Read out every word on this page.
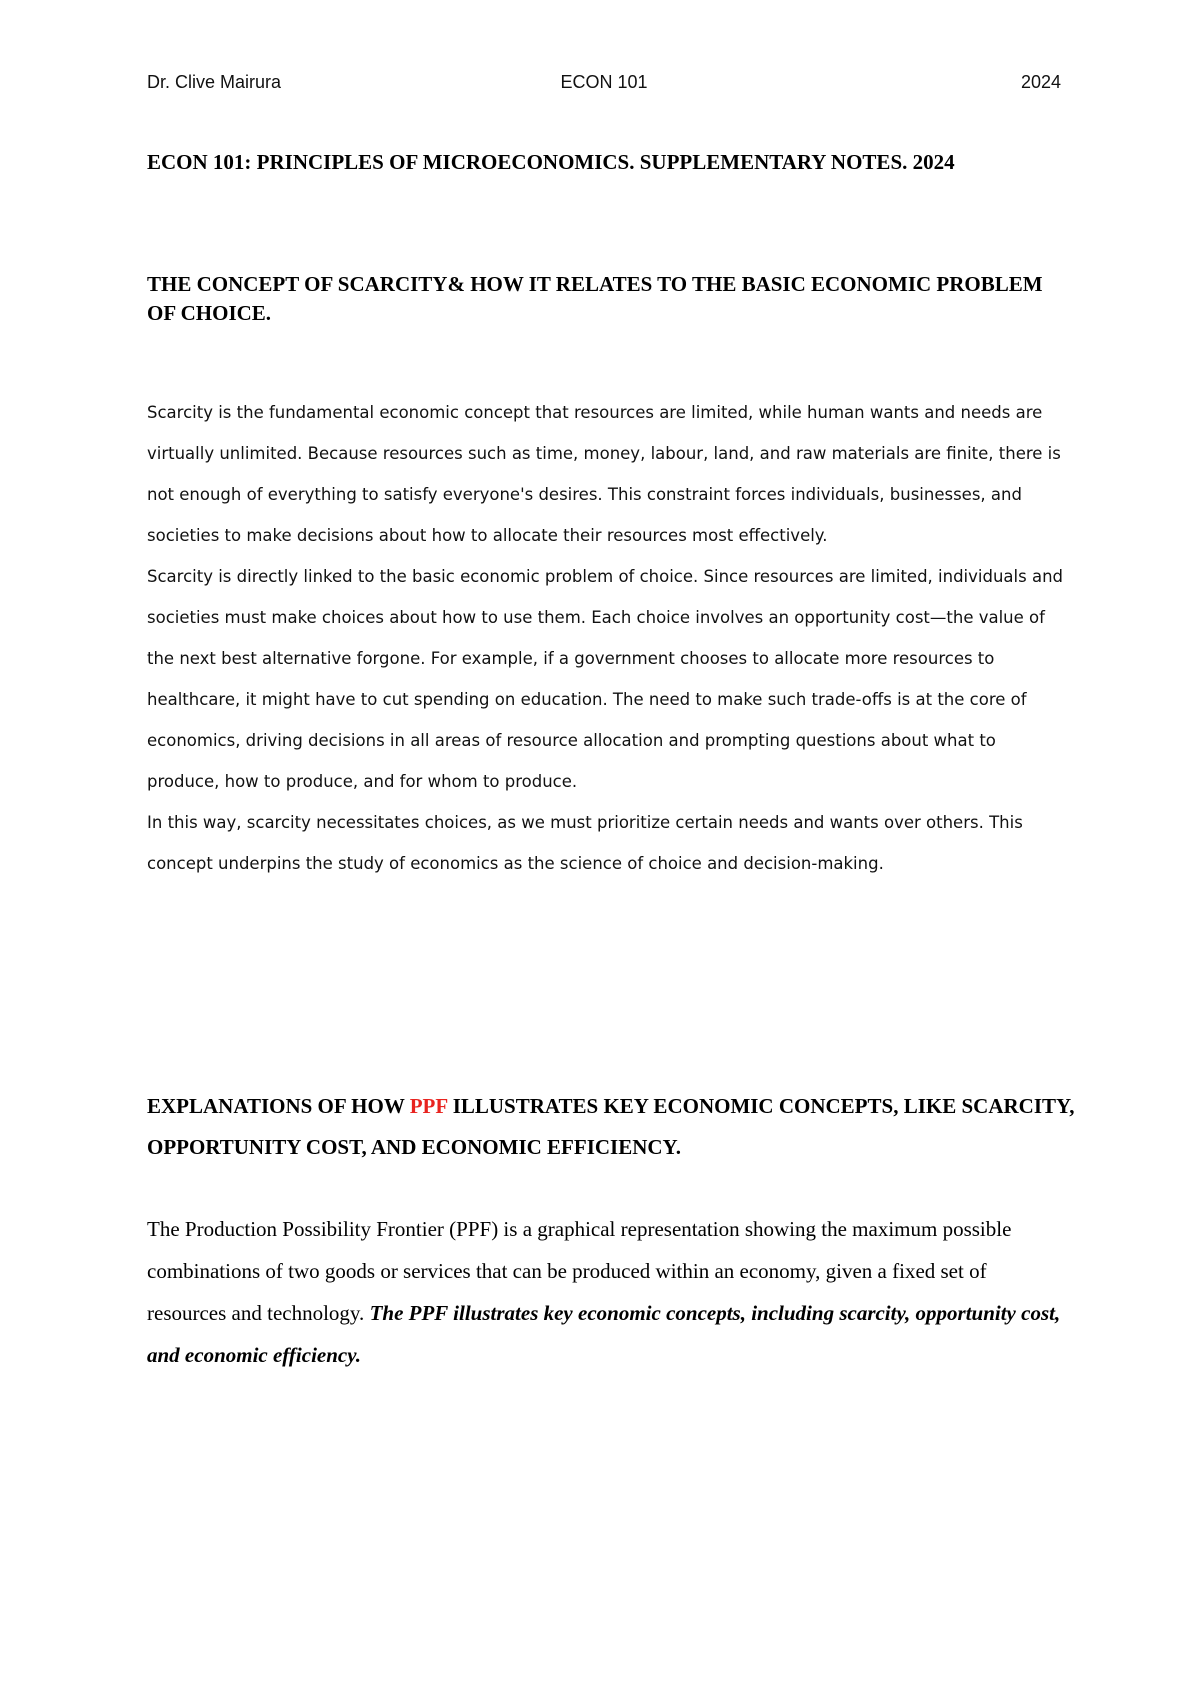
Dr. Clive Mairura	ECON 101	2024
ECON 101: PRINCIPLES OF MICROECONOMICS. SUPPLEMENTARY NOTES. 2024
THE CONCEPT OF SCARCITY& HOW IT RELATES TO THE BASIC ECONOMIC PROBLEM OF CHOICE.

Scarcity is the fundamental economic concept that resources are limited, while human wants and needs are virtually unlimited. Because resources such as time, money, labour, land, and raw materials are finite, there is not enough of everything to satisfy everyone's desires. This constraint forces individuals, businesses, and societies to make decisions about how to allocate their resources most effectively.

Scarcity is directly linked to the basic economic problem of choice. Since resources are limited, individuals and societies must make choices about how to use them. Each choice involves an opportunity cost—the value of the next best alternative forgone. For example, if a government chooses to allocate more resources to healthcare, it might have to cut spending on education. The need to make such trade-offs is at the core of economics, driving decisions in all areas of resource allocation and prompting questions about what to produce, how to produce, and for whom to produce.

In this way, scarcity necessitates choices, as we must prioritize certain needs and wants over others. This concept underpins the study of economics as the science of choice and decision-making.

EXPLANATIONS OF HOW PPF ILLUSTRATES KEY ECONOMIC CONCEPTS, LIKE SCARCITY, OPPORTUNITY COST, AND ECONOMIC EFFICIENCY.

The Production Possibility Frontier (PPF) is a graphical representation showing the maximum possible combinations of two goods or services that can be produced within an economy, given a fixed set of resources and technology. The PPF illustrates key economic concepts, including scarcity, opportunity cost, and economic efficiency.
